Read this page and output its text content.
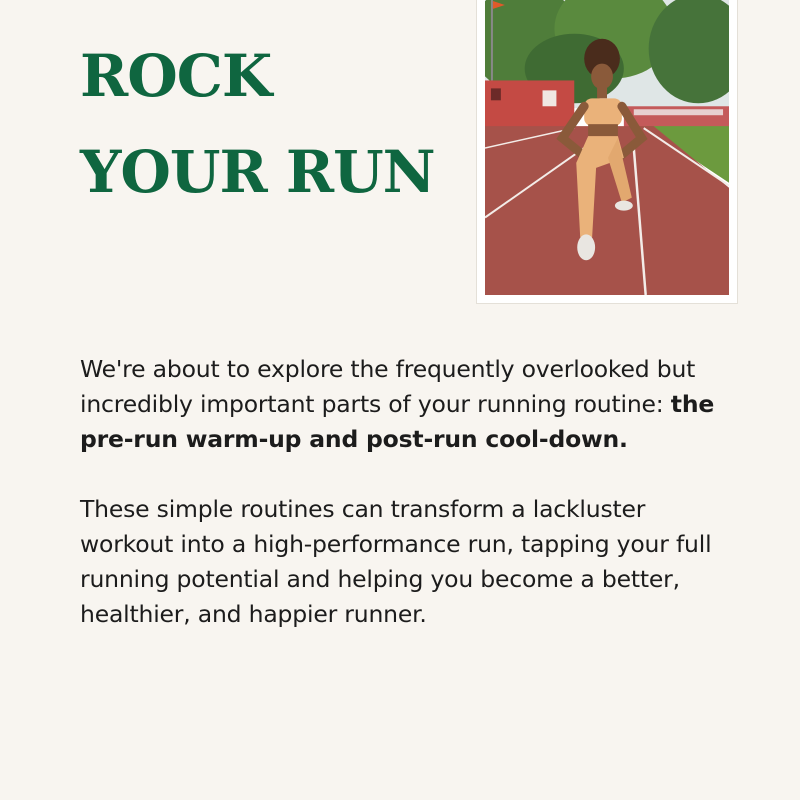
ROCK
YOUR RUN

We're about to explore the frequently overlooked but incredibly important parts of your running routine: the pre-run warm-up and post-run cool-down.

These simple routines can transform a lackluster workout into a high-performance run, tapping your full running potential and helping you become a better, healthier, and happier runner.
